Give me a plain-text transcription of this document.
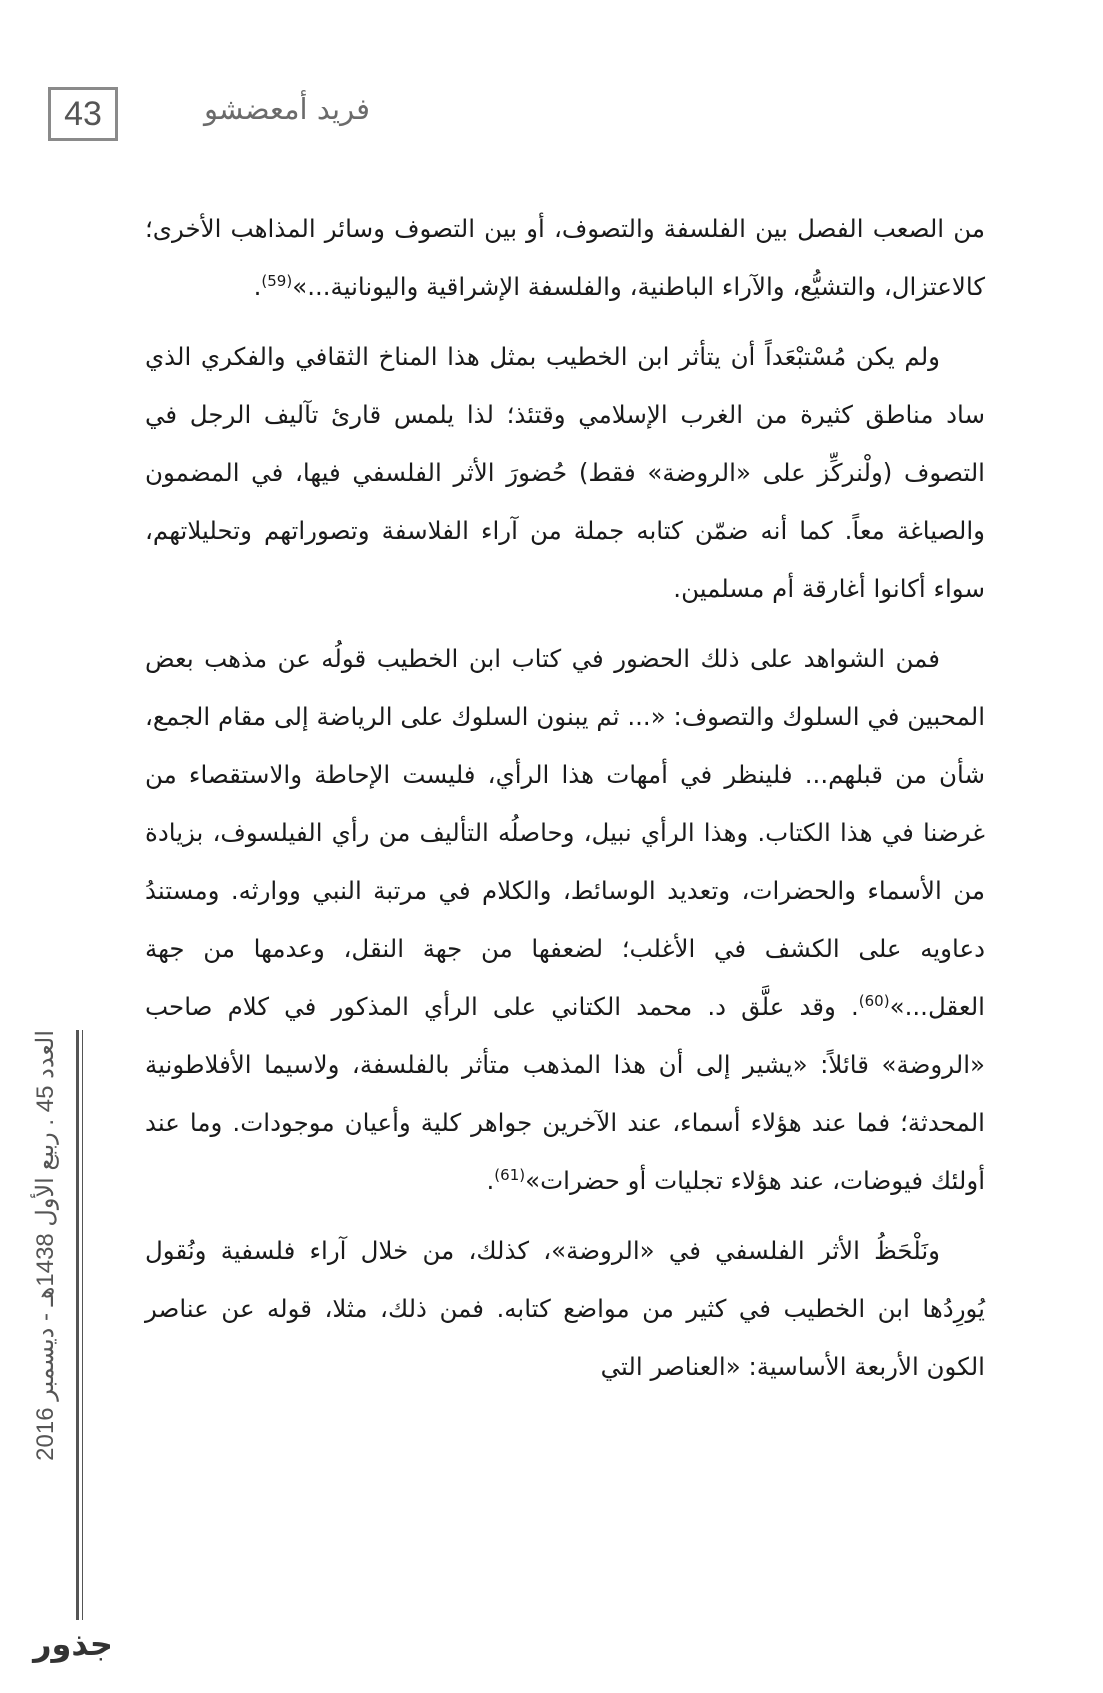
43	فريد أمعضشو

من الصعب الفصل بين الفلسفة والتصوف، أو بين التصوف وسائر المذاهب الأخرى؛ كالاعتزال، والتشيُّع، والآراء الباطنية، والفلسفة الإشراقية واليونانية...»$^{(59)}$.

ولم يكن مُسْتبْعَداً أن يتأثر ابن الخطيب بمثل هذا المناخ الثقافي والفكري الذي ساد مناطق كثيرة من الغرب الإسلامي وقتئذ؛ لذا يلمس قارئ تآليف الرجل في التصوف (ولْنركِّز على «الروضة» فقط) حُضورَ الأثر الفلسفي فيها، في المضمون والصياغة معاً. كما أنه ضمّن كتابه جملة من آراء الفلاسفة وتصوراتهم وتحليلاتهم، سواء أكانوا أغارقة أم مسلمين.

فمن الشواهد على ذلك الحضور في كتاب ابن الخطيب قولُه عن مذهب بعض المحبين في السلوك والتصوف: «... ثم يبنون السلوك على الرياضة إلى مقام الجمع، شأن من قبلهم... فلينظر في أمهات هذا الرأي، فليست الإحاطة والاستقصاء من غرضنا في هذا الكتاب. وهذا الرأي نبيل، وحاصلُه التأليف من رأي الفيلسوف، بزيادة من الأسماء والحضرات، وتعديد الوسائط، والكلام في مرتبة النبي ووارثه. ومستندُ دعاويه على الكشف في الأغلب؛ لضعفها من جهة النقل، وعدمها من جهة العقل...»$^{(60)}$. وقد علَّق د. محمد الكتاني على الرأي المذكور في كلام صاحب «الروضة» قائلاً: «يشير إلى أن هذا المذهب متأثر بالفلسفة، ولاسيما الأفلاطونية المحدثة؛ فما عند هؤلاء أسماء، عند الآخرين جواهر كلية وأعيان موجودات. وما عند أولئك فيوضات، عند هؤلاء تجليات أو حضرات»$^{(61)}$.

ونَلْحَظُ الأثر الفلسفي في «الروضة»، كذلك، من خلال آراء فلسفية ونُقول يُورِدُها ابن الخطيب في كثير من مواضع كتابه. فمن ذلك، مثلا، قوله عن عناصر الكون الأربعة الأساسية: «العناصر التي

العدد 45 . ربيع الأول 1438هـ - ديسمبر 2016
جذور
